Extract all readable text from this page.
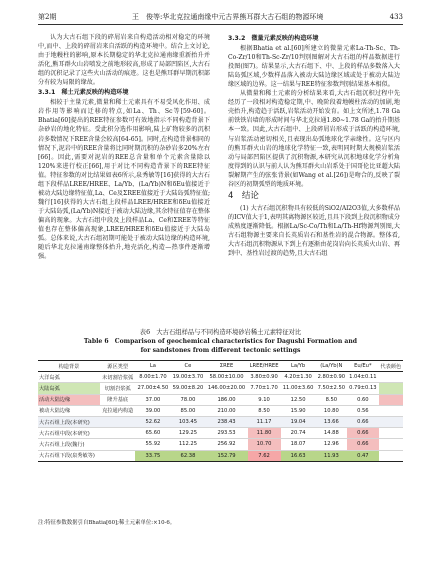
第2期	王　俊等:华北克拉通南缘中元古界熊耳群大古石组的物源环境	433

认为大古石组下段的碎屑岩来自构造活动相对稳定的环境中,而中、上段的碎屑岩来自活跃的构造环境中。结合上文讨论,由于地幔柱的影响,原本长期稳定的华北克拉通南缘重新抬升并活化,熊耳群火山岩喷发之前地形较高,形成了局部凹陷区,大古石组的沉积记录了这些火山活动的痕迹。这也是熊耳群早期沉积部分有较为局限的缘故。

3.3.1　稀土元素反映的构造环境

相较于主量元素,微量和稀土元素具有不易受风化作用、成岩作用等影响而迁移的特点,如La、Th、Sc等[59-60]。Bhatia[60]提出的REE特征参数可有效地指示不同构造背景下杂砂岩的地化特征。受此积分选作用影响,陆上矿物较多的沉积岩多数情况下REE含量会较高[64-65]。同时,在构造背景相同的情况下,泥岩中的REE含量将比同时期沉积的杂砂岩多20%左右[66]。因此,需要对泥岩的REE总含量和单个元素含量除以120%来进行校正[66],用于对比不同构造背景下的REE特征值。特征参数的对比结果如表6所示,泉秀敏等[16]获得的大古石组下段样品LREE/HREE、La/Yb、(La/Yb)N和δEu值接近于被动大陆边缘特征值,La、Ce及ΣREE值接近于大陆岛弧特征值;魏行[16]获得的大古石组上段样品LREE/HREE和δEu值接近于大陆岛弧,(La/Yb)N接近于被动大陆边缘,其余特征值存在整体偏高的现象。大古石组中段及上段样品La、Ce和ΣREE等特征值也存在整体偏高现象,LREE/HREE和δEu值接近于大陆岛弧。总体来说,大古石组初期可能处于被动大陆边缘的构造环境,随后华北克拉通南缘整体抬升,地壳活化,构造—热事件逐渐增强。

3.3.2　微量元素反映的构造环境

根据Bhatia et al.[60]所建立的微量元素La-Th-Sc、Th-Co-Zr/10和Th-Sc-Zr/10判别图解对大古石组的样品数据进行投图(图7)。结果显示,大古石组下、中、上段的样品多数落入大陆岛弧区域,少数样品落入被动大陆边缘区域或处于被动大陆边缘区域的边界。这一结果与REE特征参数判别结果基本相似。

从微量和稀土元素的分析结果来看,大古石组沉积过程中先经历了一段相对构造稳定期,中、晚阶段着地幔柱活动的加剧,地壳抬升,构造趋于活跃,岩浆活动开始发育。如上文所述,1.78 Ga前铁铁岩墙的形成时间与华北克拉通1.80~1.78 Ga的抬升期基本一致。因此,大古石组中、上段碎屑岩形成于活跃的构造环境,与岩浆活动密切相关,且表现出岛弧地球化学亲缘性。这与区内的熊耳群火山岩的地球化学特征一致,表明同时期大规模岩浆活动与局部凹陷区提供了沉积物源,本研究从沉积地球化学分析角度得到的认识与前人认为熊耳群火山岩系处于国哥伦比亚超大陆裂解期产生的弦张背景(如Wang et al.[26])是吻合的,反映了裂谷区的初期弧型的地质环境。

4　结论

(1) 大古石组沉积物具有较低的SiO2/Al2O3值,大多数样品的ICV值大于1,表明其离物源区较近,且具下段到上段沉积物成分成熟度逐渐降低。根据La/Sc-Co/Th和La/Th-Hf物源判别图,大古石组物源主要来自长英质岩石和基性岩的混合物源。整体看,大古石组沉积物源从下到上有逐渐由花岗岩向长英质火山岩、再到中、基性岩过渡的趋势,且大古石组

表6　大古石组样品与不同构造环境砂岩稀土元素特征对比
Table 6　Comparison of geochemical characteristics for Dagushi Formation and
for sandstones from different tectonic settings
构造背景	源区类型	La	Ce	ΣREE	LREE/HREE	La/Yb	(La/Yb)N	Eu/Eu*	代表颜色
大洋岛弧	未切割岩浆弧	8.00±1.70	19.00±3.70	58.00±10.00	3.80±0.90	4.20±1.30	2.80±0.90	1.04±0.11	
大陆岛弧	切割岩浆弧	27.00±4.50	59.00±8.20	146.00±20.00	7.70±1.70	11.00±3.60	7.50±2.50	0.79±0.13	
活动大陆边缘	隆升基底	37.00	78.00	186.00	9.10	12.50	8.50	0.60	
被动大陆边缘	克拉通内构造	39.00	85.00	210.00	8.50	15.90	10.80	0.56	
大古石组上段(本研究)		52.62	103.45	238.43	11.17	19.04	13.66	0.66	
大古石组中段(本研究)		65.60	129.25	293.53	11.80	20.74	14.88	0.66	
大古石组上段(魏行)		55.92	112.25	256.92	10.70	18.07	12.96	0.66	
大古石组下段(泉秀敏等)		33.75	62.38	152.79	7.62	16.63	11.93	0.47	
注:特征参数数据引自Bhatia[60];稀土元素单位:×10-6。
